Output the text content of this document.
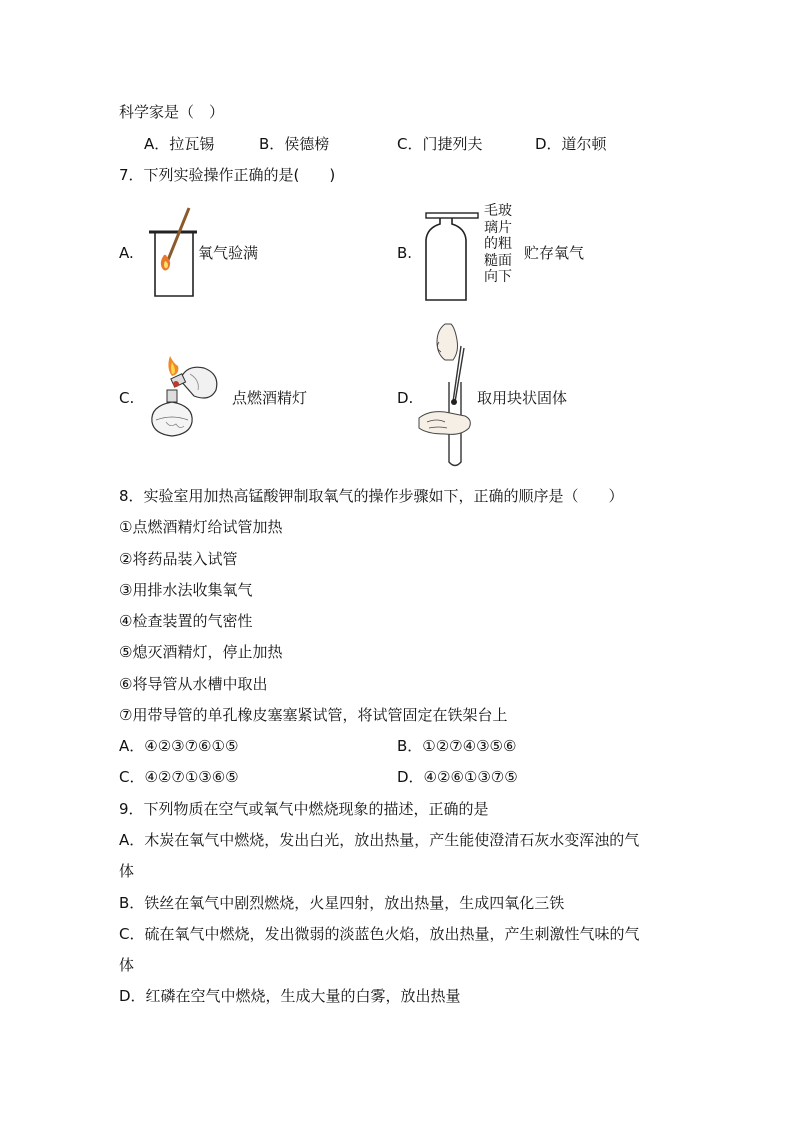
科学家是（　）
A．拉瓦锡	B．侯德榜	C．门捷列夫	D．道尔顿
7．下列实验操作正确的是(　　)
A.	氧气验满	B.
毛玻
璃片
的粗
糙面
向下
贮存氧气
C.	点燃酒精灯	D.	取用块状固体
8．实验室用加热高锰酸钾制取氧气的操作步骤如下，正确的顺序是（　　）
①点燃酒精灯给试管加热
②将药品装入试管
③用排水法收集氧气
④检查装置的气密性
⑤熄灭酒精灯，停止加热
⑥将导管从水槽中取出
⑦用带导管的单孔橡皮塞塞紧试管，将试管固定在铁架台上
A．④②③⑦⑥①⑤	B．①②⑦④③⑤⑥
C．④②⑦①③⑥⑤	D．④②⑥①③⑦⑤
9．下列物质在空气或氧气中燃烧现象的描述，正确的是
A．木炭在氧气中燃烧，发出白光，放出热量，产生能使澄清石灰水变浑浊的气
体
B．铁丝在氧气中剧烈燃烧，火星四射，放出热量，生成四氧化三铁
C．硫在氧气中燃烧，发出微弱的淡蓝色火焰，放出热量，产生刺激性气味的气
体
D．红磷在空气中燃烧，生成大量的白雾，放出热量
